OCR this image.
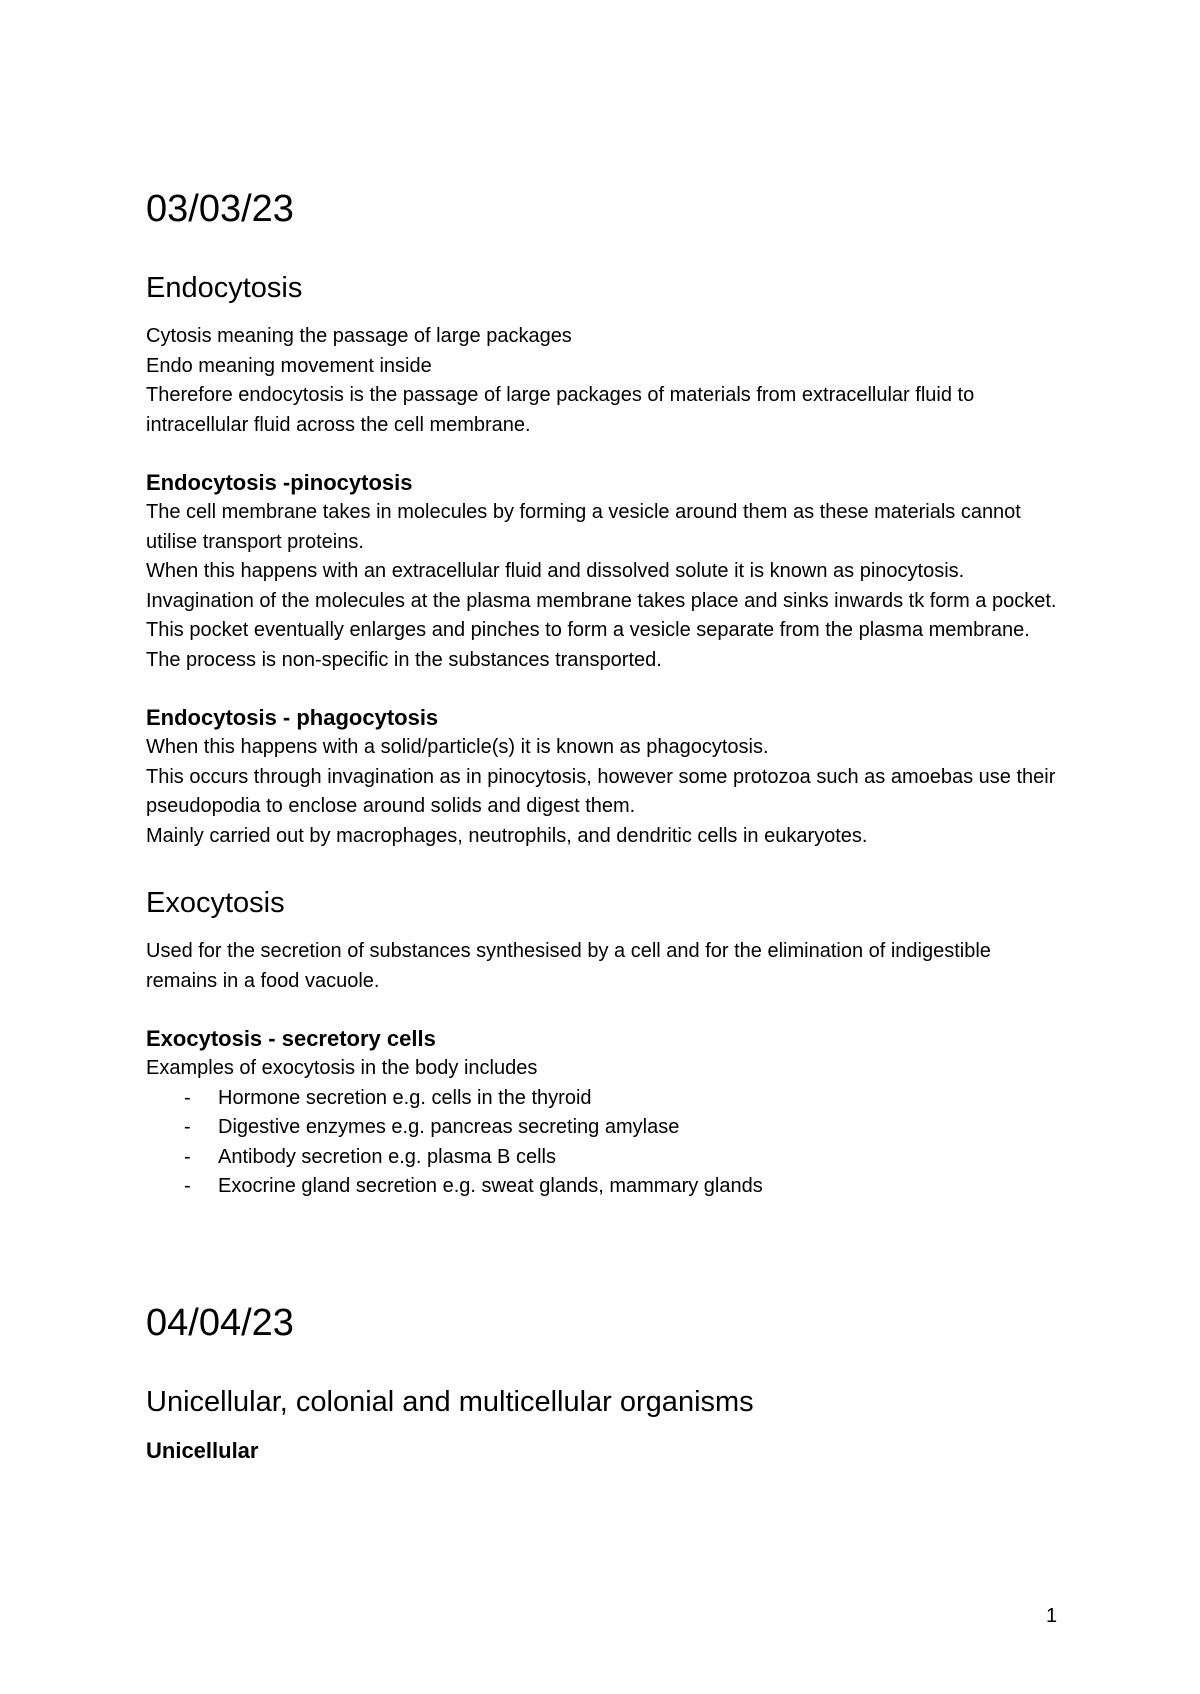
03/03/23
Endocytosis

Cytosis meaning the passage of large packages

Endo meaning movement inside

Therefore endocytosis is the passage of large packages of materials from extracellular fluid to intracellular fluid across the cell membrane.

Endocytosis -pinocytosis

The cell membrane takes in molecules by forming a vesicle around them as these materials cannot utilise transport proteins.

When this happens with an extracellular fluid and dissolved solute it is known as pinocytosis.

Invagination of the molecules at the plasma membrane takes place and sinks inwards tk form a pocket. This pocket eventually enlarges and pinches to form a vesicle separate from the plasma membrane.

The process is non-specific in the substances transported.

Endocytosis - phagocytosis

When this happens with a solid/particle(s) it is known as phagocytosis.

This occurs through invagination as in pinocytosis, however some protozoa such as amoebas use their pseudopodia to enclose around solids and digest them.

Mainly carried out by macrophages, neutrophils, and dendritic cells in eukaryotes.

Exocytosis

Used for the secretion of substances synthesised by a cell and for the elimination of indigestible remains in a food vacuole.

Exocytosis - secretory cells

Examples of exocytosis in the body includes

- Hormone secretion e.g. cells in the thyroid
- Digestive enzymes e.g. pancreas secreting amylase
- Antibody secretion e.g. plasma B cells
- Exocrine gland secretion e.g. sweat glands, mammary glands
04/04/23
Unicellular, colonial and multicellular organisms
Unicellular
1
